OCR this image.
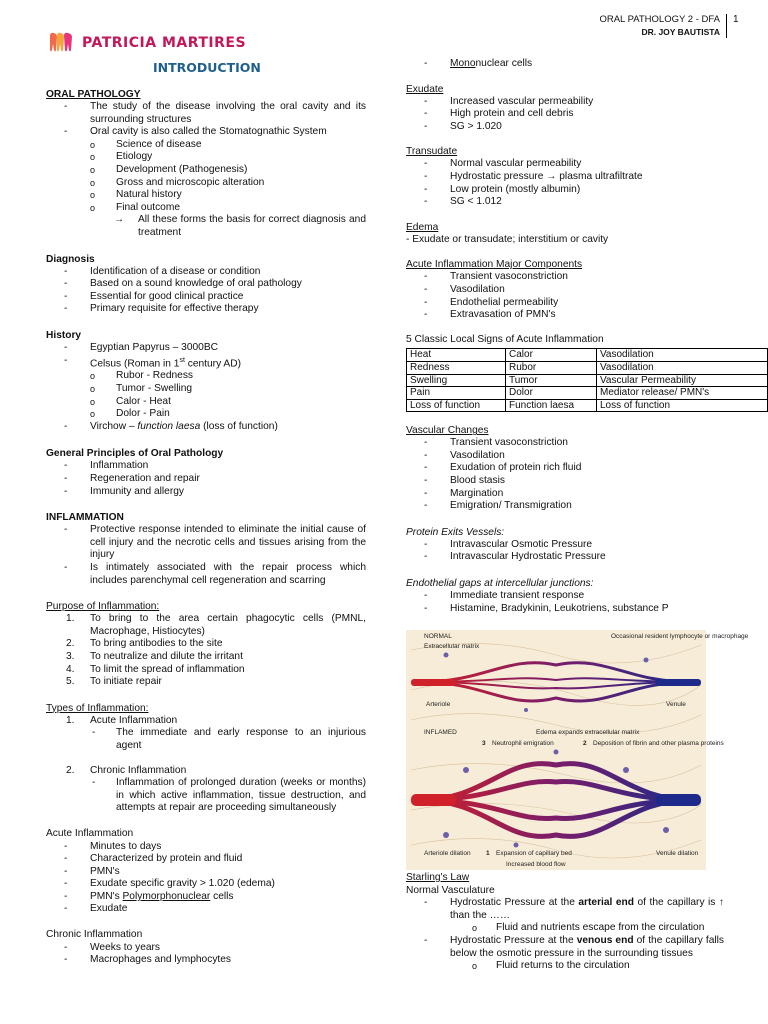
ORAL PATHOLOGY 2 - DFA
DR. JOY BAUTISTA
1
PATRICIA MARTIRES
INTRODUCTION
ORAL PATHOLOGY
- The study of the disease involving the oral cavity and its surrounding structures
- Oral cavity is also called the Stomatognathic System
o Science of disease
o Etiology
o Development (Pathogenesis)
o Gross and microscopic alteration
o Natural history
o Final outcome
→ All these forms the basis for correct diagnosis and treatment
Diagnosis
- Identification of a disease or condition
- Based on a sound knowledge of oral pathology
- Essential for good clinical practice
- Primary requisite for effective therapy
History
- Egyptian Papyrus – 3000BC
- Celsus (Roman in 1st century AD)
o Rubor - Redness
o Tumor - Swelling
o Calor - Heat
o Dolor - Pain
- Virchow – function laesa (loss of function)
General Principles of Oral Pathology
- Inflammation
- Regeneration and repair
- Immunity and allergy
INFLAMMATION
- Protective response intended to eliminate the initial cause of cell injury and the necrotic cells and tissues arising from the injury
- Is intimately associated with the repair process which includes parenchymal cell regeneration and scarring
Purpose of Inflammation:
1. To bring to the area certain phagocytic cells (PMNL, Macrophage, Histiocytes)
2. To bring antibodies to the site
3. To neutralize and dilute the irritant
4. To limit the spread of inflammation
5. To initiate repair
Types of Inflammation:
1. Acute Inflammation
- The immediate and early response to an injurious agent
2. Chronic Inflammation
- Inflammation of prolonged duration (weeks or months) in which active inflammation, tissue destruction, and attempts at repair are proceeding simultaneously
Acute Inflammation
- Minutes to days
- Characterized by protein and fluid
- PMN's
- Exudate specific gravity > 1.020 (edema)
- PMN's Polymorphonuclear cells
- Exudate
Chronic Inflammation
- Weeks to years
- Macrophages and lymphocytes
- Mononuclear cells
Exudate
- Increased vascular permeability
- High protein and cell debris
- SG > 1.020
Transudate
- Normal vascular permeability
- Hydrostatic pressure → plasma ultrafiltrate
- Low protein (mostly albumin)
- SG < 1.012
Edema
- Exudate or transudate; interstitium or cavity
Acute Inflammation Major Components
- Transient vasoconstriction
- Vasodilation
- Endothelial permeability
- Extravasation of PMN's
5 Classic Local Signs of Acute Inflammation
Heat	Calor	Vasodilation
Redness	Rubor	Vasodilation
Swelling	Tumor	Vascular Permeability
Pain	Dolor	Mediator release/ PMN's
Loss of function	Function laesa	Loss of function
Vascular Changes
- Transient vasoconstriction
- Vasodilation
- Exudation of protein rich fluid
- Blood stasis
- Margination
- Emigration/ Transmigration
Protein Exits Vessels:
- Intravascular Osmotic Pressure
- Intravascular Hydrostatic Pressure
Endothelial gaps at intercellular junctions:
- Immediate transient response
- Histamine, Bradykinin, Leukotriens, substance P
NORMAL
Extracellular matrix
Occasional resident lymphocyte or macrophage
Arteriole	Venule
INFLAMED	Edema expands extracellular matrix
3 Neutrophil emigration	2 Deposition of fibrin and other plasma proteins
Arteriole dilation 1 Expansion of capillary bed	Venule dilation
Increased blood flow
Starling's Law
Normal Vasculature
- Hydrostatic Pressure at the arterial end of the capillary is ↑ than the ……
o Fluid and nutrients escape from the circulation
- Hydrostatic Pressure at the venous end of the capillary falls below the osmotic pressure in the surrounding tissues
o Fluid returns to the circulation
